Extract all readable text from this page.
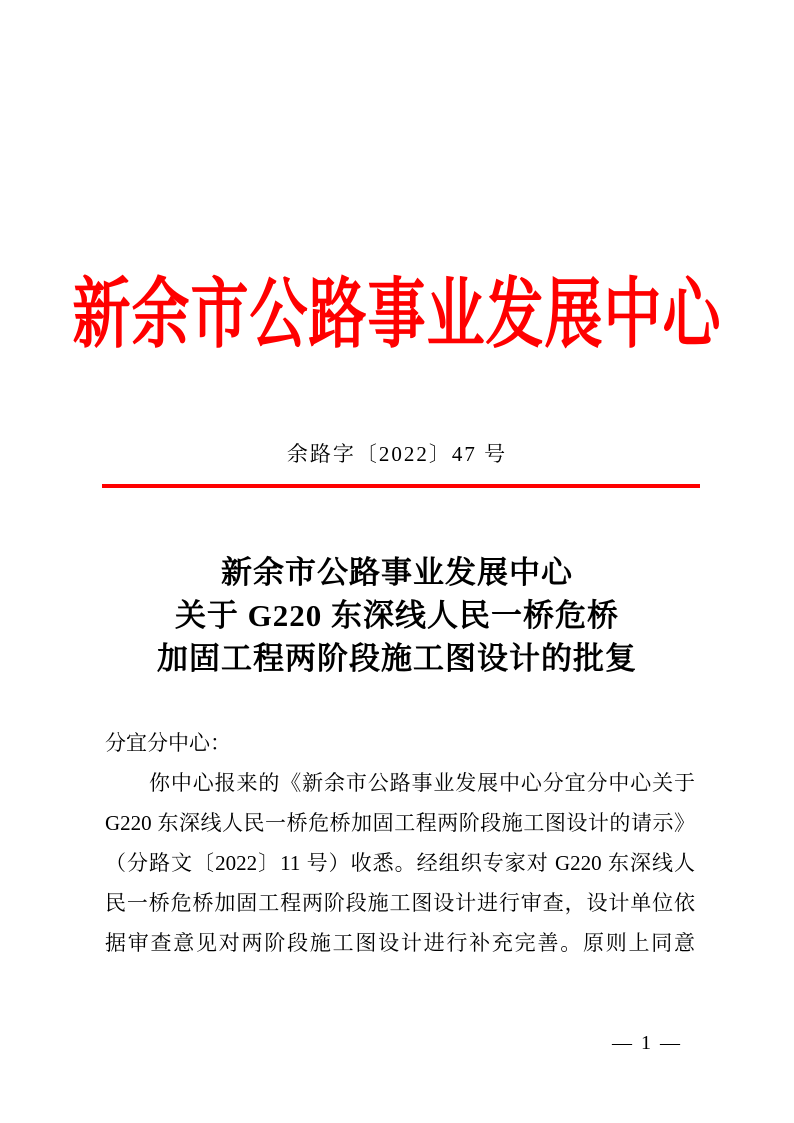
新余市公路事业发展中心
余路字〔2022〕47 号
新余市公路事业发展中心
关于 G220 东深线人民一桥危桥
加固工程两阶段施工图设计的批复
分宜分中心：
你中心报来的《新余市公路事业发展中心分宜分中心关于
G220 东深线人民一桥危桥加固工程两阶段施工图设计的请示》
（分路文〔2022〕11 号）收悉。经组织专家对 G220 东深线人
民一桥危桥加固工程两阶段施工图设计进行审查，设计单位依
据审查意见对两阶段施工图设计进行补充完善。原则上同意
— 1 —
